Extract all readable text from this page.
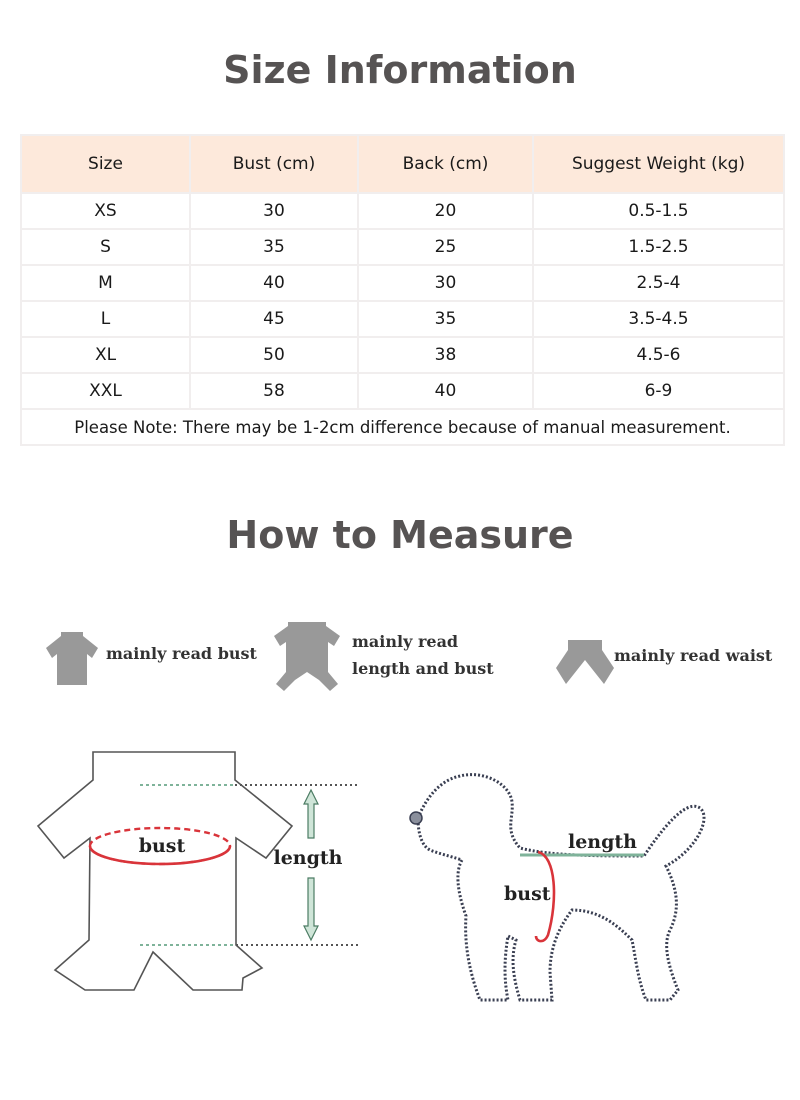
Size Information
Size	Bust (cm)	Back (cm)	Suggest Weight (kg)
XS	30	20	0.5-1.5
S	35	25	1.5-2.5
M	40	30	2.5-4
L	45	35	3.5-4.5
XL	50	38	4.5-6
XXL	58	40	6-9
Please Note: There may be 1-2cm difference because of manual measurement.			
How to Measure
mainly read bust
mainly read
length and bust
mainly read waist
bust
length
length
bust
